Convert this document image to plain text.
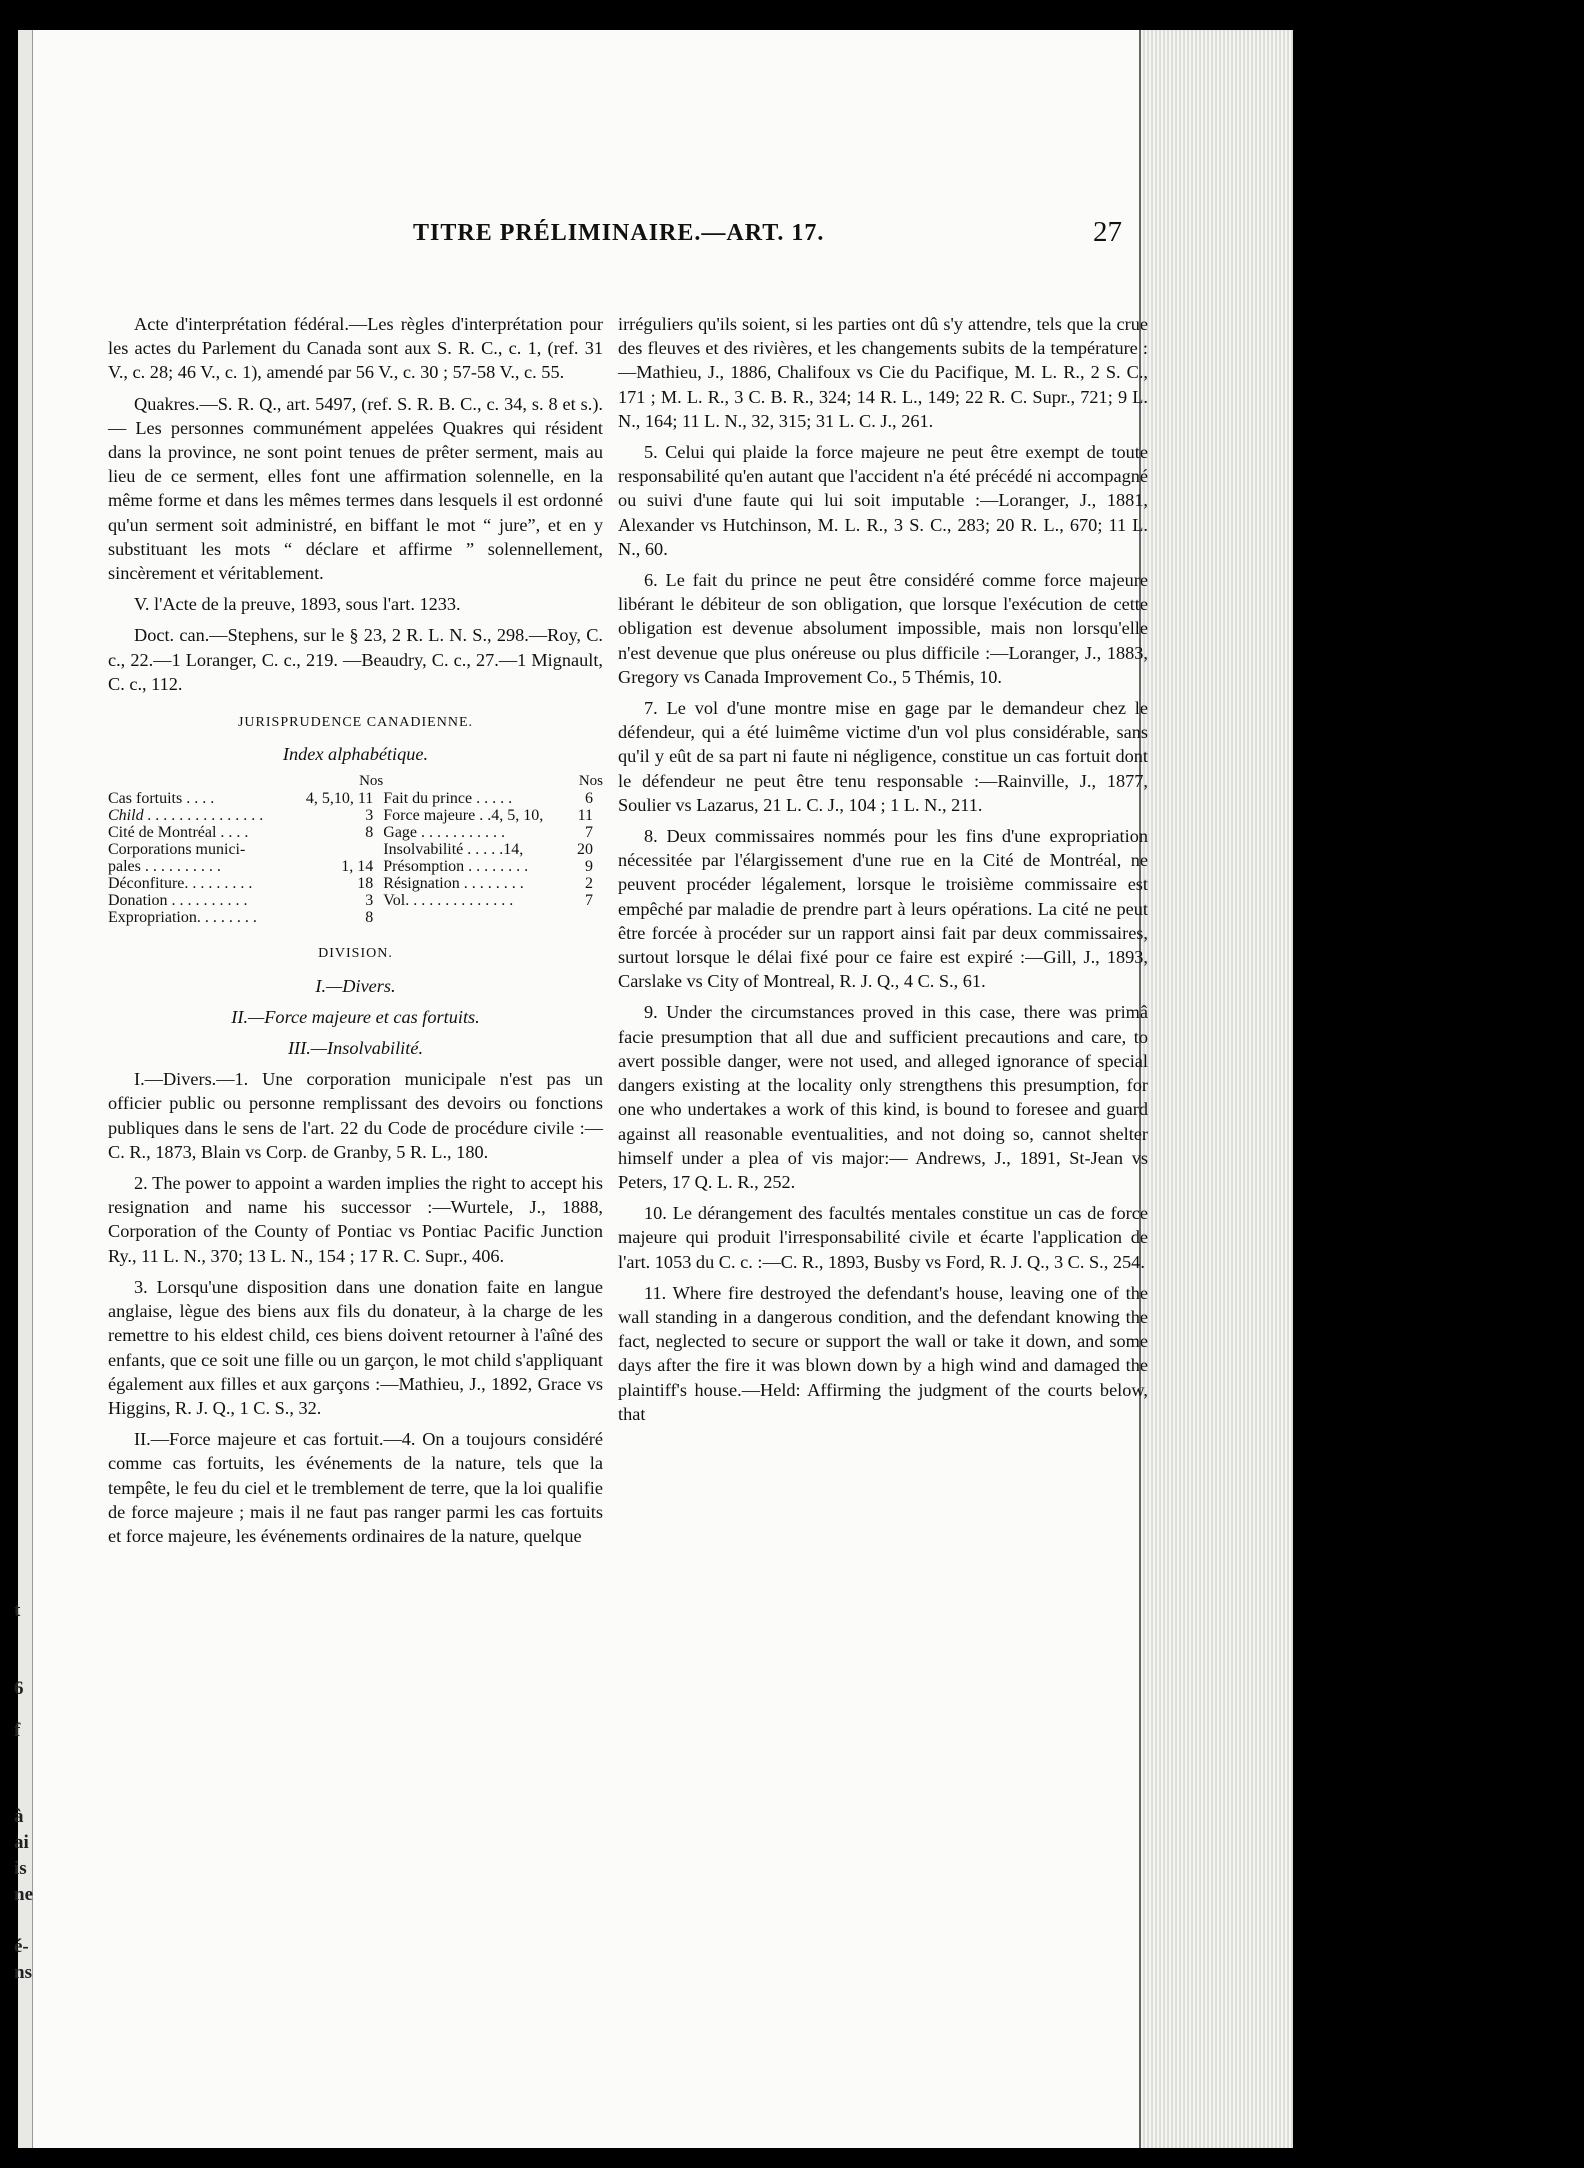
t
6
f
à
ai
is
ne
é-
ns
TITRE PRÉLIMINAIRE.—ART. 17.	27

Acte d'interprétation fédéral.—Les règles d'interprétation pour les actes du Parlement du Canada sont aux S. R. C., c. 1, (ref. 31 V., c. 28; 46 V., c. 1), amendé par 56 V., c. 30 ; 57-58 V., c. 55.

Quakres.—S. R. Q., art. 5497, (ref. S. R. B. C., c. 34, s. 8 et s.).— Les personnes communément appelées Quakres qui résident dans la province, ne sont point tenues de prêter serment, mais au lieu de ce serment, elles font une affirmation solennelle, en la même forme et dans les mêmes termes dans lesquels il est ordonné qu'un serment soit administré, en biffant le mot “ jure”, et en y substituant les mots “ déclare et affirme ” solennellement, sincèrement et véritablement.

V. l'Acte de la preuve, 1893, sous l'art. 1233.

Doct. can.—Stephens, sur le § 23, 2 R. L. N. S., 298.—Roy, C. c., 22.—1 Loranger, C. c., 219. —Beaudry, C. c., 27.—1 Mignault, C. c., 112.

JURISPRUDENCE CANADIENNE.

Index alphabétique.

Nos		Nos	
Cas fortuits . . . .	4, 5,10, 11	Fait du prince . . . . .	6
Child . . . . . . . . . . . . . . .	3	Force majeure . .4, 5, 10,	11
Cité de Montréal . . . .	8	Gage . . . . . . . . . . .	7
Corporations munici-		Insolvabilité . . . . .14,	20
pales . . . . . . . . . .	1, 14	Présomption . . . . . . . .	9
Déconfiture. . . . . . . . .	18	Résignation . . . . . . . .	2
Donation . . . . . . . . . .	3	Vol. . . . . . . . . . . . . .	7
Expropriation. . . . . . . .	8		

DIVISION.

I.—Divers.

II.—Force majeure et cas fortuits.

III.—Insolvabilité.

I.—Divers.—1. Une corporation municipale n'est pas un officier public ou personne remplissant des devoirs ou fonctions publiques dans le sens de l'art. 22 du Code de procédure civile :—C. R., 1873, Blain vs Corp. de Granby, 5 R. L., 180.

2. The power to appoint a warden implies the right to accept his resignation and name his successor :—Wurtele, J., 1888, Corporation of the County of Pontiac vs Pontiac Pacific Junction Ry., 11 L. N., 370; 13 L. N., 154 ; 17 R. C. Supr., 406.

3. Lorsqu'une disposition dans une donation faite en langue anglaise, lègue des biens aux fils du donateur, à la charge de les remettre to his eldest child, ces biens doivent retourner à l'aîné des enfants, que ce soit une fille ou un garçon, le mot child s'appliquant également aux filles et aux garçons :—Mathieu, J., 1892, Grace vs Higgins, R. J. Q., 1 C. S., 32.

II.—Force majeure et cas fortuit.—4. On a toujours considéré comme cas fortuits, les événements de la nature, tels que la tempête, le feu du ciel et le tremblement de terre, que la loi qualifie de force majeure ; mais il ne faut pas ranger parmi les cas fortuits et force majeure, les événements ordinaires de la nature, quelque

irréguliers qu'ils soient, si les parties ont dû s'y attendre, tels que la crue des fleuves et des rivières, et les changements subits de la température :—Mathieu, J., 1886, Chalifoux vs Cie du Pacifique, M. L. R., 2 S. C., 171 ; M. L. R., 3 C. B. R., 324; 14 R. L., 149; 22 R. C. Supr., 721; 9 L. N., 164; 11 L. N., 32, 315; 31 L. C. J., 261.

5. Celui qui plaide la force majeure ne peut être exempt de toute responsabilité qu'en autant que l'accident n'a été précédé ni accompagné ou suivi d'une faute qui lui soit imputable :—Loranger, J., 1881, Alexander vs Hutchinson, M. L. R., 3 S. C., 283; 20 R. L., 670; 11 L. N., 60.

6. Le fait du prince ne peut être considéré comme force majeure libérant le débiteur de son obligation, que lorsque l'exécution de cette obligation est devenue absolument impossible, mais non lorsqu'elle n'est devenue que plus onéreuse ou plus difficile :—Loranger, J., 1883, Gregory vs Canada Improvement Co., 5 Thémis, 10.

7. Le vol d'une montre mise en gage par le demandeur chez le défendeur, qui a été luimême victime d'un vol plus considérable, sans qu'il y eût de sa part ni faute ni négligence, constitue un cas fortuit dont le défendeur ne peut être tenu responsable :—Rainville, J., 1877, Soulier vs Lazarus, 21 L. C. J., 104 ; 1 L. N., 211.

8. Deux commissaires nommés pour les fins d'une expropriation nécessitée par l'élargissement d'une rue en la Cité de Montréal, ne peuvent procéder légalement, lorsque le troisième commissaire est empêché par maladie de prendre part à leurs opérations. La cité ne peut être forcée à procéder sur un rapport ainsi fait par deux commissaires, surtout lorsque le délai fixé pour ce faire est expiré :—Gill, J., 1893, Carslake vs City of Montreal, R. J. Q., 4 C. S., 61.

9. Under the circumstances proved in this case, there was primâ facie presumption that all due and sufficient precautions and care, to avert possible danger, were not used, and alleged ignorance of special dangers existing at the locality only strengthens this presumption, for one who undertakes a work of this kind, is bound to foresee and guard against all reasonable eventualities, and not doing so, cannot shelter himself under a plea of vis major:— Andrews, J., 1891, St-Jean vs Peters, 17 Q. L. R., 252.

10. Le dérangement des facultés mentales constitue un cas de force majeure qui produit l'irresponsabilité civile et écarte l'application de l'art. 1053 du C. c. :—C. R., 1893, Busby vs Ford, R. J. Q., 3 C. S., 254.

11. Where fire destroyed the defendant's house, leaving one of the wall standing in a dangerous condition, and the defendant knowing the fact, neglected to secure or support the wall or take it down, and some days after the fire it was blown down by a high wind and damaged the plaintiff's house.—Held: Affirming the judgment of the courts below, that
